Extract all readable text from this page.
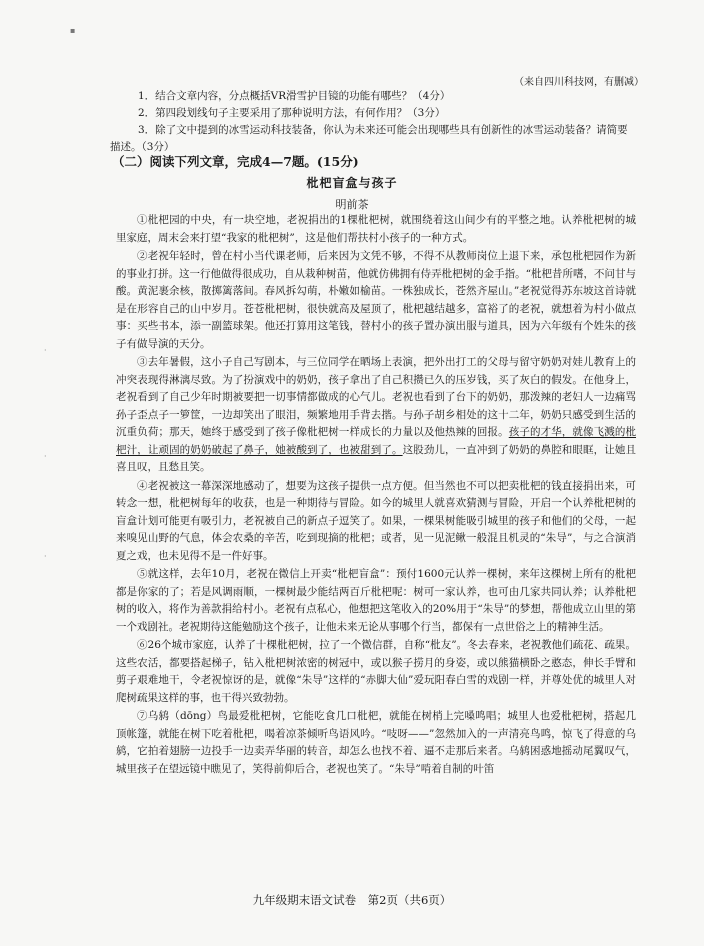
▪
·
·
·
（来自四川科技网，有删减）

1．结合文章内容，分点概括VR滑雪护目镜的功能有哪些？（4分）

2．第四段划线句子主要采用了那种说明方法，有何作用？（3分）

3．除了文中提到的冰雪运动科技装备，你认为未来还可能会出现哪些具有创新性的冰雪运动装备？请简要描述。（3分）

（二）阅读下列文章，完成4—7题。(15分)
枇杷盲盒与孩子
明前茶

①枇杷园的中央，有一块空地，老祝捐出的1棵枇杷树，就围绕着这山间少有的平整之地。认养枇杷树的城里家庭，周末会来打望“我家的枇杷树”，这是他们帮扶村小孩子的一种方式。

②老祝年轻时，曾在村小当代课老师，后来因为文凭不够，不得不从教师岗位上退下来，承包枇杷园作为新的事业打拼。这一行他做得很成功，自从栽种树苗，他就仿佛拥有侍弄枇杷树的金手指。“枇杷昔所嗜，不问甘与酸。黄泥裹余核，散掷篱落间。春风拆勾萌，朴嫩如榆苗。一株独成长，苍然齐屋山。”老祝觉得苏东坡这首诗就是在形容自己的山中岁月。苍苍枇杷树，很快就高及屋顶了，枇杷越结越多，富裕了的老祝，就想着为村小做点事：买些书本，添一副篮球架。他还打算用这笔钱，替村小的孩子置办演出服与道具，因为六年级有个姓朱的孩子有做导演的天分。

③去年暑假，这小子自己写剧本，与三位同学在晒场上表演，把外出打工的父母与留守奶奶对娃儿教育上的冲突表现得淋漓尽致。为了扮演戏中的奶奶，孩子拿出了自己积攒已久的压岁钱，买了灰白的假发。在他身上，老祝看到了自己少年时期被要把一切事情都做成的心气儿。老祝也看到了台下的奶奶，那泼辣的老妇人一边痛骂孙子歪点子一箩筐，一边却笑出了眼泪，频繁地用手背去揩。与孙子胡乡相处的这十二年，奶奶只感受到生活的沉重负荷；那天，她终于感受到了孩子像枇杷树一样成长的力量以及他热辣的回报。孩子的才华，就像飞溅的枇杷汁，让顽固的奶奶破起了鼻子，她被酸到了，也被甜到了。这股劲儿，一直冲到了奶奶的鼻腔和眼眶，让她且喜且叹，且愁且笑。

④老祝被这一幕深深地感动了，想要为这孩子提供一点方便。但当然也不可以把卖枇杷的钱直接捐出来，可转念一想，枇杷树每年的收获，也是一种期待与冒险。如今的城里人就喜欢猜测与冒险，开启一个认养枇杷树的盲盒计划可能更有吸引力，老祝被自己的新点子逗笑了。如果，一棵果树能吸引城里的孩子和他们的父母，一起来嗅见山野的气息，体会农桑的辛苦，吃到现摘的枇杷；或者，见一见泥鳅一般混且机灵的“朱导”，与之合演消夏之戏，也未见得不是一件好事。

⑤就这样，去年10月，老祝在微信上开卖“枇杷盲盒”：预付1600元认养一棵树，来年这棵树上所有的枇杷都是你家的了；若是风调雨顺，一棵树最少能结两百斤枇杷呢：树可一家认养，也可由几家共同认养；认养枇杷树的收入，将作为善款捐给村小。老祝有点私心，他想把这笔收入的20%用于“朱导”的梦想，帮他成立山里的第一个戏剧社。老祝期待这能勉励这个孩子，让他未来无论从事哪个行当，都保有一点世俗之上的精神生活。

⑥26个城市家庭，认养了十棵枇杷树，拉了一个微信群，自称“枇友”。冬去春来，老祝教他们疏花、疏果。这些农活，都要搭起梯子，钻入枇杷树浓密的树冠中，或以猴子捞月的身姿，或以熊猫横卧之憨态，伸长手臂和剪子艰难地干，令老祝惊讶的是，就像“朱导”这样的“赤脚大仙”爱玩阳春白雪的戏剧一样，并尊处优的城里人对爬树疏果这样的事，也干得兴致勃勃。

⑦乌鸫（dōng）鸟最爱枇杷树，它能吃食几口枇杷，就能在树梢上完嗓鸣唱；城里人也爱枇杷树，搭起几顶帐篷，就能在树下吃着枇杷，喝着凉茶倾听鸟语风吟。“吱呀——”忽然加入的一声清亮鸟鸣，惊飞了得意的乌鸫，它拍着翅膀一边投手一边卖弄华丽的转音，却怎么也找不着、逼不走那后来者。乌鸫困惑地摇动尾翼叹气，城里孩子在望远镜中瞧见了，笑得前仰后合，老祝也笑了。“朱导”啃着自制的叶笛

九年级期末语文试卷　第2页（共6页）
